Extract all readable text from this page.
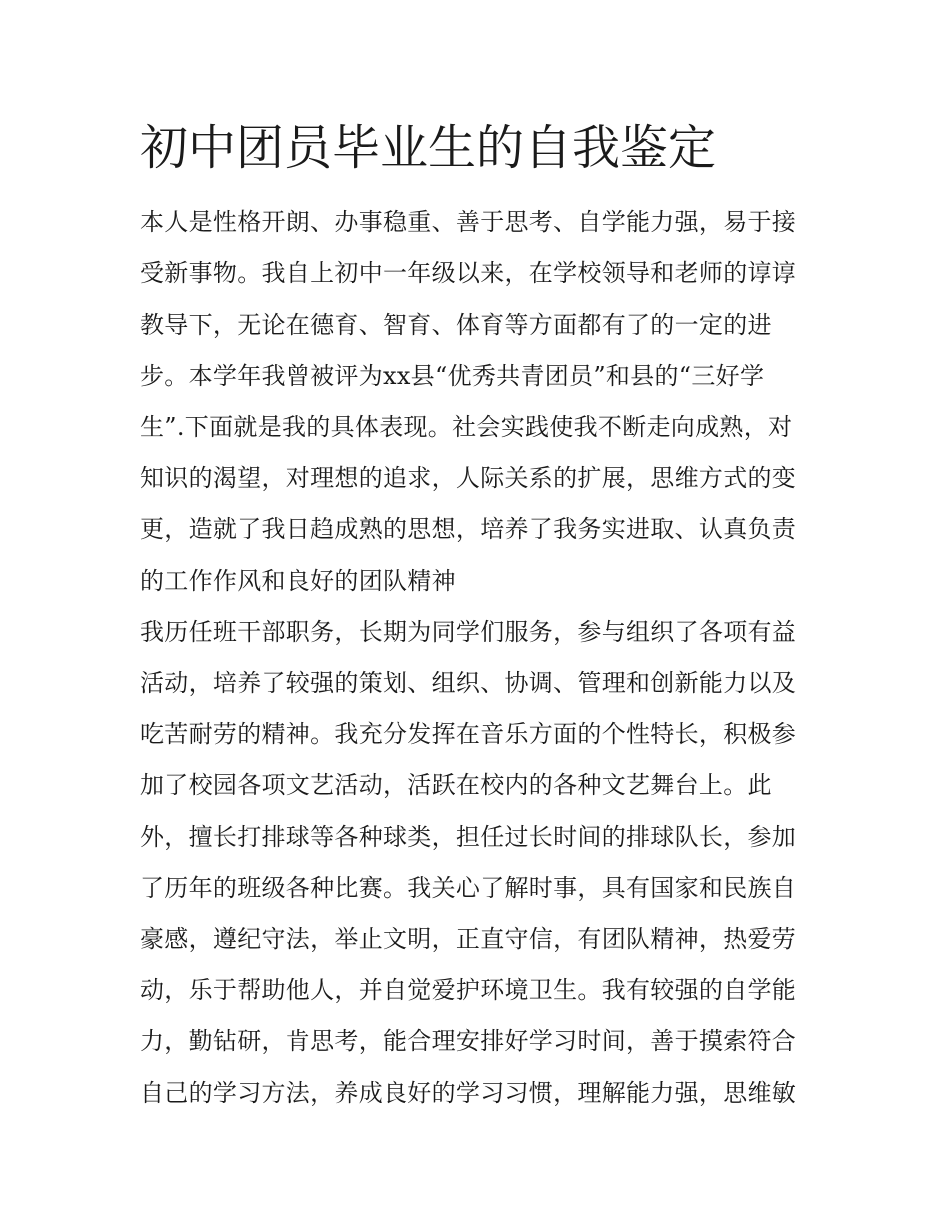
初中团员毕业生的自我鉴定

本人是性格开朗、办事稳重、善于思考、自学能力强，易于接

受新事物。我自上初中一年级以来，在学校领导和老师的谆谆

教导下，无论在德育、智育、体育等方面都有了的一定的进

步。本学年我曾被评为xx县“优秀共青团员”和县的“三好学

生”.下面就是我的具体表现。社会实践使我不断走向成熟，对

知识的渴望，对理想的追求，人际关系的扩展，思维方式的变

更，造就了我日趋成熟的思想，培养了我务实进取、认真负责

的工作作风和良好的团队精神

我历任班干部职务，长期为同学们服务，参与组织了各项有益

活动，培养了较强的策划、组织、协调、管理和创新能力以及

吃苦耐劳的精神。我充分发挥在音乐方面的个性特长，积极参

加了校园各项文艺活动，活跃在校内的各种文艺舞台上。此

外，擅长打排球等各种球类，担任过长时间的排球队长，参加

了历年的班级各种比赛。我关心了解时事，具有国家和民族自

豪感，遵纪守法，举止文明，正直守信，有团队精神，热爱劳

动，乐于帮助他人，并自觉爱护环境卫生。我有较强的自学能

力，勤钻研，肯思考，能合理安排好学习时间，善于摸索符合

自己的学习方法，养成良好的学习习惯，理解能力强，思维敏
